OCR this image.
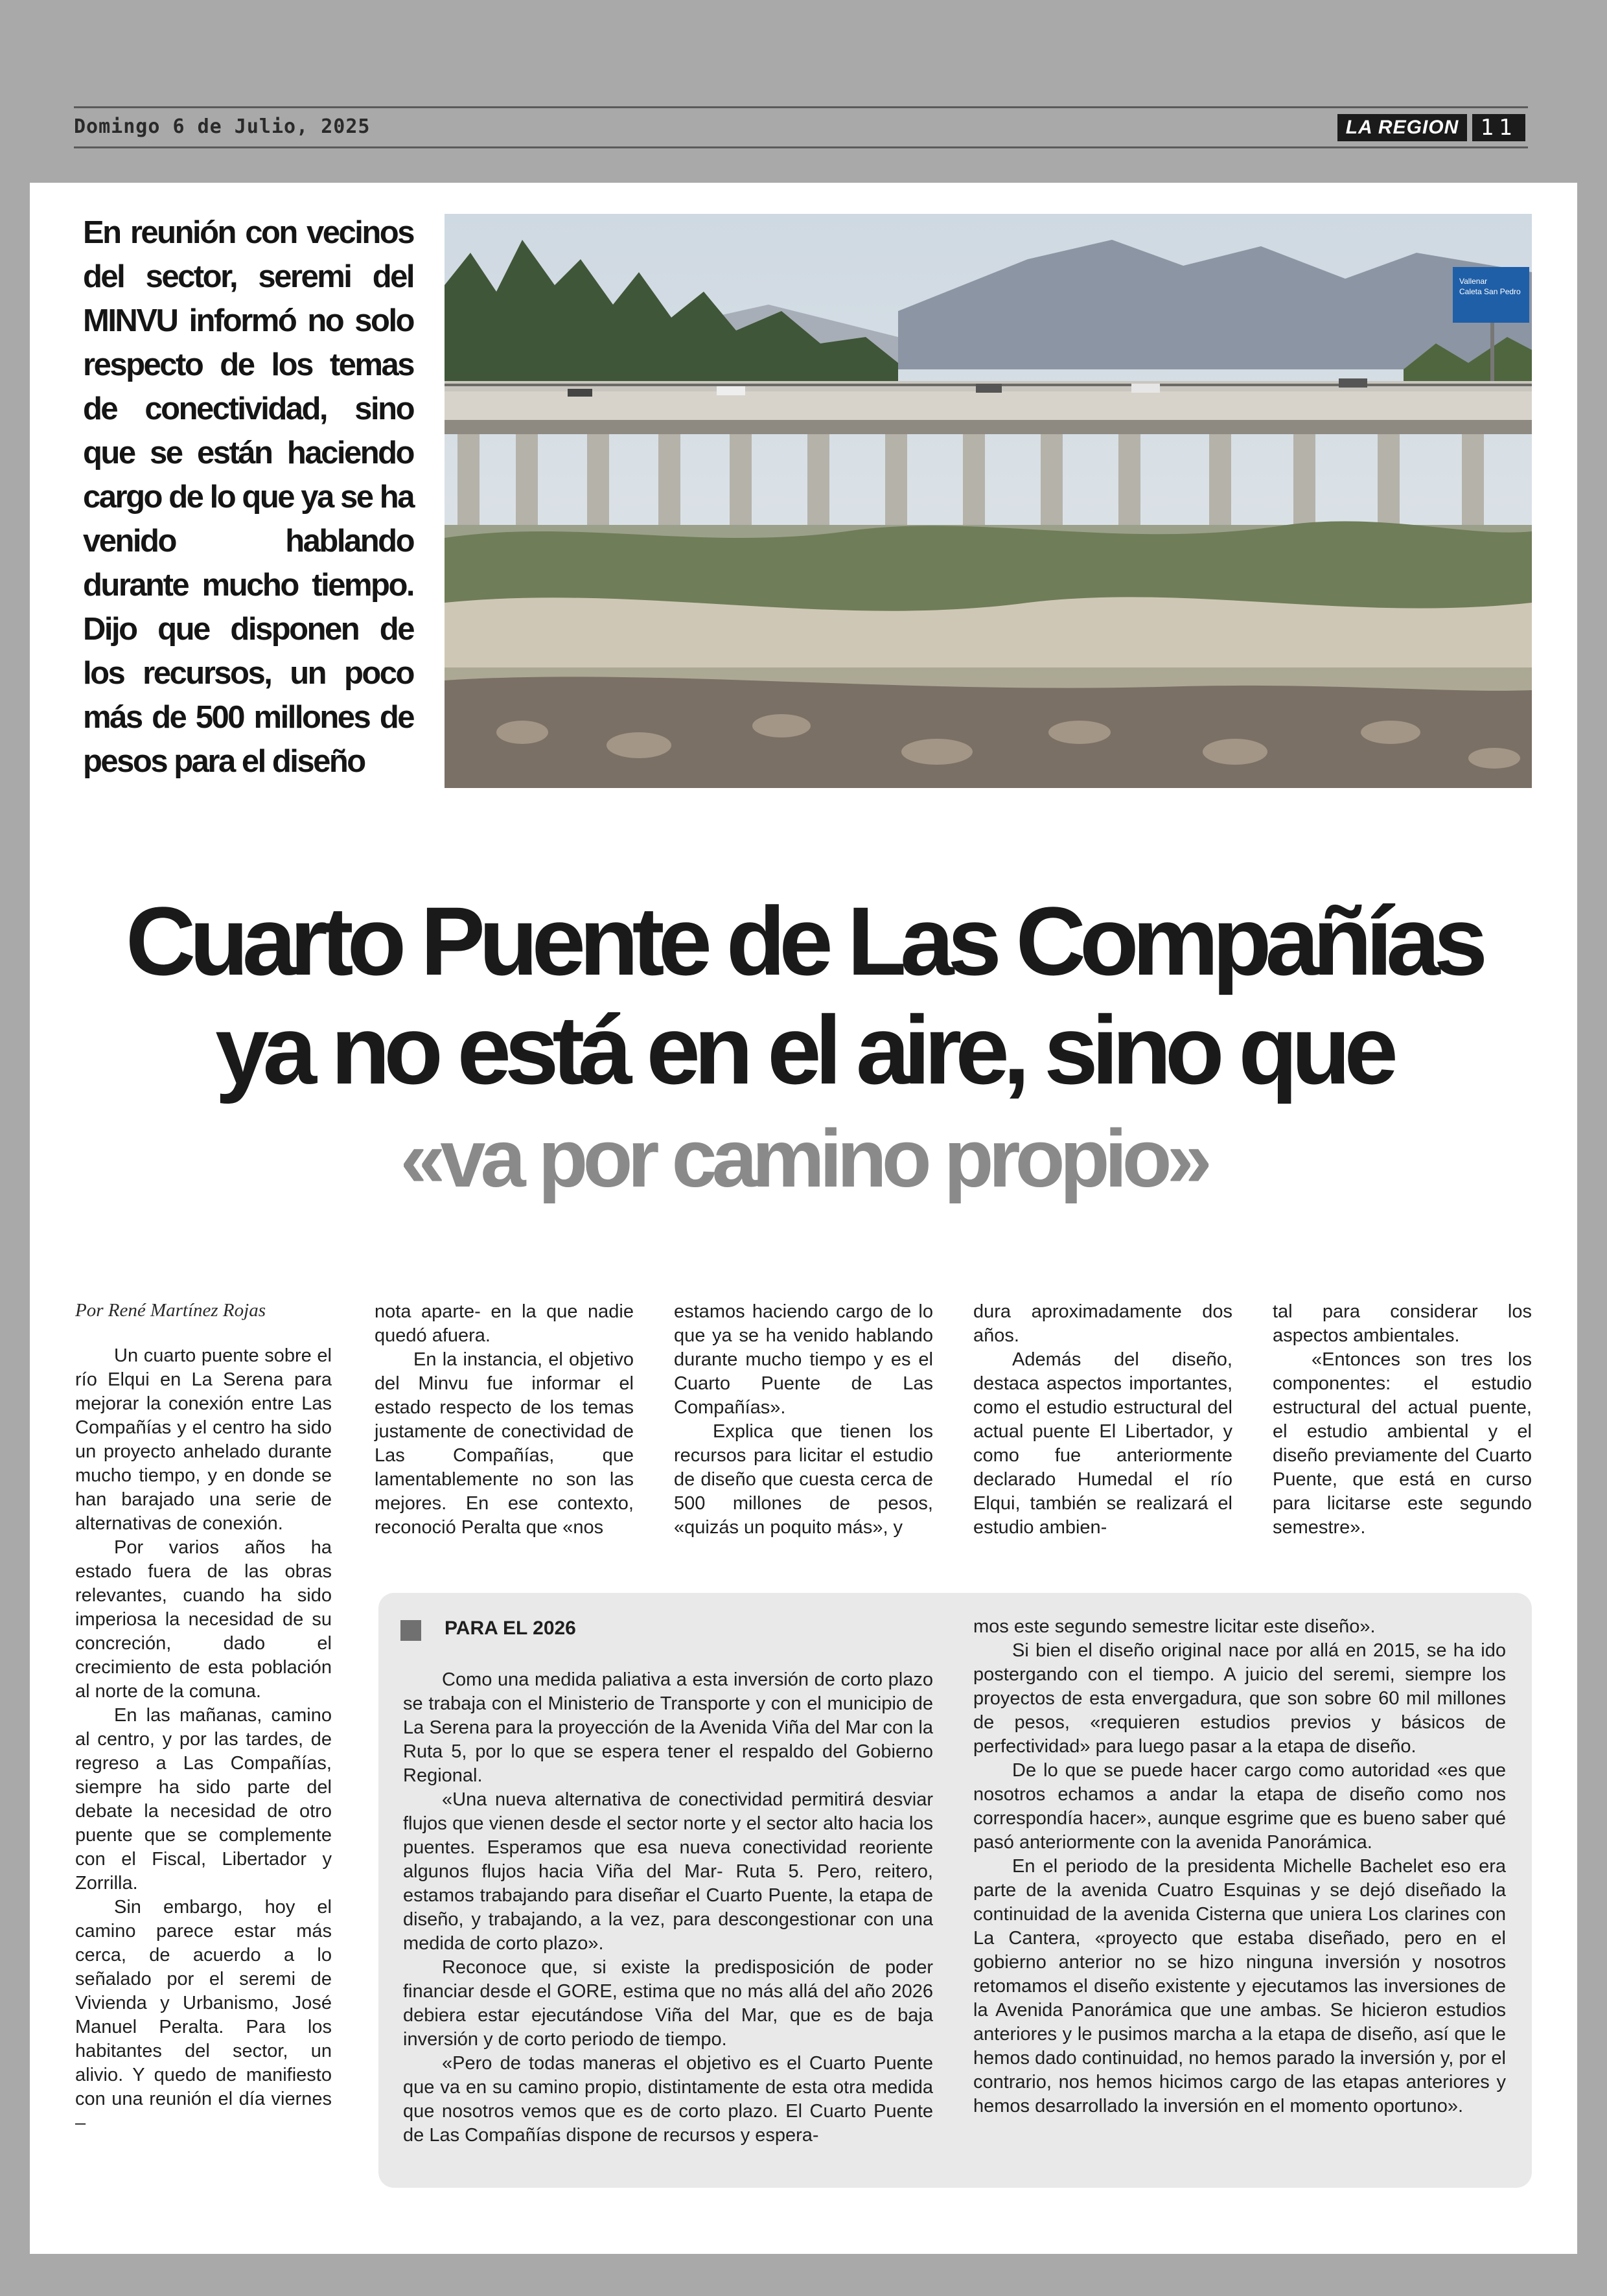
Domingo 6 de Julio, 2025	LA REGION 11
En reunión con vecinos del sector, seremi del MINVU informó no solo respecto de los temas de conectividad, sino que se están haciendo cargo de lo que ya se ha venido hablando durante mucho tiempo. Dijo que disponen de los recursos, un poco más de 500 millones de pesos para el diseño
Vallenar
Caleta San Pedro
Cuarto Puente de Las Compañías
ya no está en el aire, sino que
«va por camino propio»
Por René Martínez Rojas

Un cuarto puente sobre el río Elqui en La Serena para mejorar la conexión entre Las Compañías y el centro ha sido un proyecto anhelado durante mucho tiempo, y en donde se han barajado una serie de alternativas de conexión.

Por varios años ha estado fuera de las obras relevantes, cuando ha sido imperiosa la necesidad de su concreción, dado el crecimiento de esta población al norte de la comuna.

En las mañanas, camino al centro, y por las tardes, de regreso a Las Compañías, siempre ha sido parte del debate la necesidad de otro puente que se complemente con el Fiscal, Libertador y Zorrilla.

Sin embargo, hoy el camino parece estar más cerca, de acuerdo a lo señalado por el seremi de Vivienda y Urbanismo, José Manuel Peralta. Para los habitantes del sector, un alivio. Y quedo de manifiesto con una reunión el día viernes –

nota aparte- en la que nadie quedó afuera.

En la instancia, el objetivo del Minvu fue informar el estado respecto de los temas justamente de conectividad de Las Compañías, que lamentablemente no son las mejores. En ese contexto, reconoció Peralta que «nos

estamos haciendo cargo de lo que ya se ha venido hablando durante mucho tiempo y es el Cuarto Puente de Las Compañías».

Explica que tienen los recursos para licitar el estudio de diseño que cuesta cerca de 500 millones de pesos, «quizás un poquito más», y

dura aproximadamente dos años.

Además del diseño, destaca aspectos importantes, como el estudio estructural del actual puente El Libertador, y como fue anteriormente declarado Humedal el río Elqui, también se realizará el estudio ambien-

tal para considerar los aspectos ambientales.

«Entonces son tres los componentes: el estudio estructural del actual puente, el estudio ambiental y el diseño previamente del Cuarto Puente, que está en curso para licitarse este segundo semestre».

PARA EL 2026

Como una medida paliativa a esta inversión de corto plazo se trabaja con el Ministerio de Transporte y con el municipio de La Serena para la proyección de la Avenida Viña del Mar con la Ruta 5, por lo que se espera tener el respaldo del Gobierno Regional.

«Una nueva alternativa de conectividad permitirá desviar flujos que vienen desde el sector norte y el sector alto hacia los puentes. Esperamos que esa nueva conectividad reoriente algunos flujos hacia Viña del Mar- Ruta 5. Pero, reitero, estamos trabajando para diseñar el Cuarto Puente, la etapa de diseño, y trabajando, a la vez, para descongestionar con una medida de corto plazo».

Reconoce que, si existe la predisposición de poder financiar desde el GORE, estima que no más allá del año 2026 debiera estar ejecutándose Viña del Mar, que es de baja inversión y de corto periodo de tiempo.

«Pero de todas maneras el objetivo es el Cuarto Puente que va en su camino propio, distintamente de esta otra medida que nosotros vemos que es de corto plazo. El Cuarto Puente de Las Compañías dispone de recursos y espera-

mos este segundo semestre licitar este diseño».

Si bien el diseño original nace por allá en 2015, se ha ido postergando con el tiempo. A juicio del seremi, siempre los proyectos de esta envergadura, que son sobre 60 mil millones de pesos, «requieren estudios previos y básicos de perfectividad» para luego pasar a la etapa de diseño.

De lo que se puede hacer cargo como autoridad «es que nosotros echamos a andar la etapa de diseño como nos correspondía hacer», aunque esgrime que es bueno saber qué pasó anteriormente con la avenida Panorámica.

En el periodo de la presidenta Michelle Bachelet eso era parte de la avenida Cuatro Esquinas y se dejó diseñado la continuidad de la avenida Cisterna que uniera Los clarines con La Cantera, «proyecto que estaba diseñado, pero en el gobierno anterior no se hizo ninguna inversión y nosotros retomamos el diseño existente y ejecutamos las inversiones de la Avenida Panorámica que une ambas. Se hicieron estudios anteriores y le pusimos marcha a la etapa de diseño, así que le hemos dado continuidad, no hemos parado la inversión y, por el contrario, nos hemos hicimos cargo de las etapas anteriores y hemos desarrollado la inversión en el momento oportuno».
